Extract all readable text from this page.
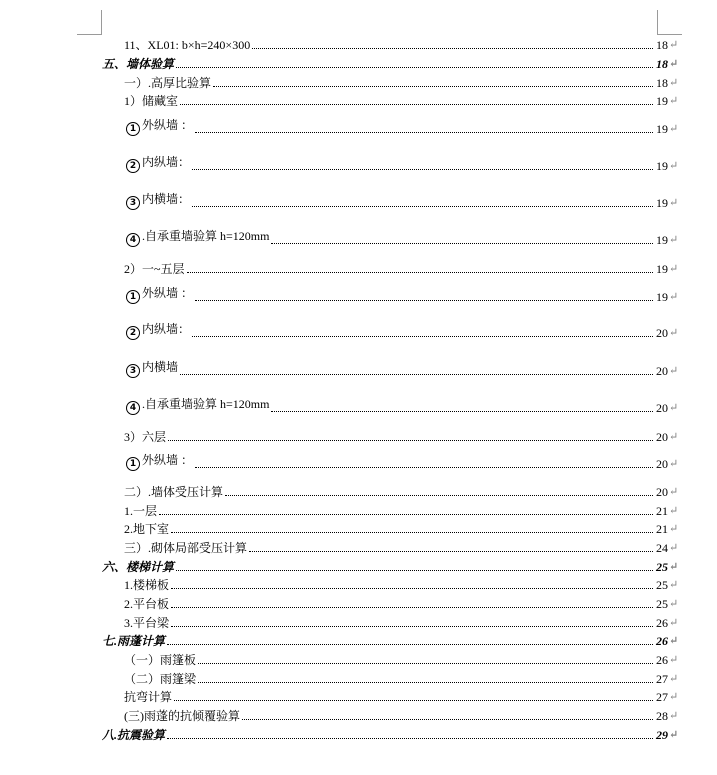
11、XL01: b×h=240×300	18 ↵
五、墙体验算	18 ↵
一）.高厚比验算	18 ↵
1）储藏室	19 ↵
1 外纵墙 ：	19 ↵
2 内纵墙：	19 ↵
3 内横墙：	19 ↵
4 .自承重墙验算 h=120mm	19 ↵
2）一~五层	19 ↵
1 外纵墙 ：	19 ↵
2 内纵墙：	20 ↵
3 内横墙	20 ↵
4 .自承重墙验算 h=120mm	20 ↵
3）六层	20 ↵
1 外纵墙 ：	20 ↵
二）.墙体受压计算	20 ↵
1.一层	21 ↵
2.地下室	21 ↵
三）.砌体局部受压计算	24 ↵
六、楼梯计算	25 ↵
1.楼梯板	25 ↵
2.平台板	25 ↵
3.平台梁	26 ↵
七.雨蓬计算	26 ↵
（一）雨篷板	26 ↵
（二）雨篷梁	27 ↵
抗弯计算	27 ↵
(三)雨蓬的抗倾覆验算	28 ↵
八.抗震验算	29 ↵
